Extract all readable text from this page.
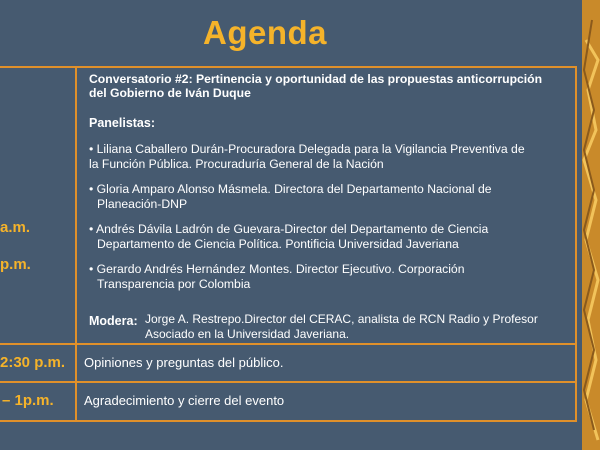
Agenda
a.m.
p.m.
2:30 p.m.
– 1p.m.
Conversatorio #2: Pertinencia y oportunidad de las propuestas anticorrupción
del Gobierno de Iván Duque
Panelistas:
• Liliana Caballero Durán-Procuradora Delegada para la Vigilancia Preventiva de
la Función Pública. Procuraduría General de la Nación
• Gloria Amparo Alonso Másmela. Directora del Departamento Nacional de
Planeación-DNP
• Andrés Dávila Ladrón de Guevara-Director del Departamento de Ciencia
Departamento de Ciencia Política. Pontificia Universidad Javeriana
• Gerardo Andrés Hernández Montes. Director Ejecutivo. Corporación
Transparencia por Colombia
Modera: Jorge A. Restrepo.Director del CERAC, analista de RCN Radio y Profesor
Asociado en la Universidad Javeriana.
Opiniones y preguntas del público.
Agradecimiento y cierre del evento
